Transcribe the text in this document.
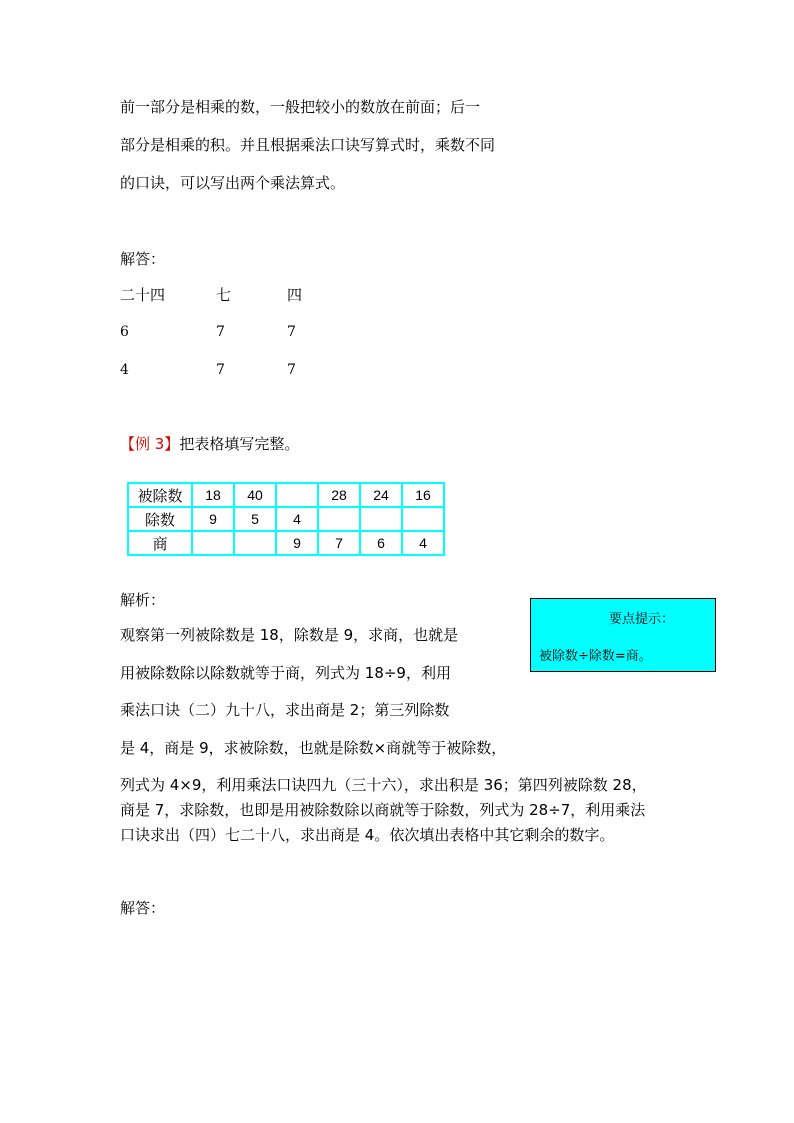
前一部分是相乘的数，一般把较小的数放在前面；后一
部分是相乘的积。并且根据乘法口诀写算式时，乘数不同
的口诀，可以写出两个乘法算式。
解答：
二十四	七	四
6	7	7
4	7	7
【例 3】把表格填写完整。
被除数	18	40		28	24	16
除数	9	5	4			
商			9	7	6	4
要点提示：
被除数÷除数=商。
解析：
观察第一列被除数是 18，除数是 9，求商，也就是
用被除数除以除数就等于商，列式为 18÷9，利用
乘法口诀（二）九十八，求出商是 2；第三列除数
是 4，商是 9，求被除数，也就是除数×商就等于被除数，
列式为 4×9，利用乘法口诀四九（三十六），求出积是 36；第四列被除数 28，
商是 7，求除数，也即是用被除数除以商就等于除数，列式为 28÷7，利用乘法
口诀求出（四）七二十八，求出商是 4。依次填出表格中其它剩余的数字。
解答：
